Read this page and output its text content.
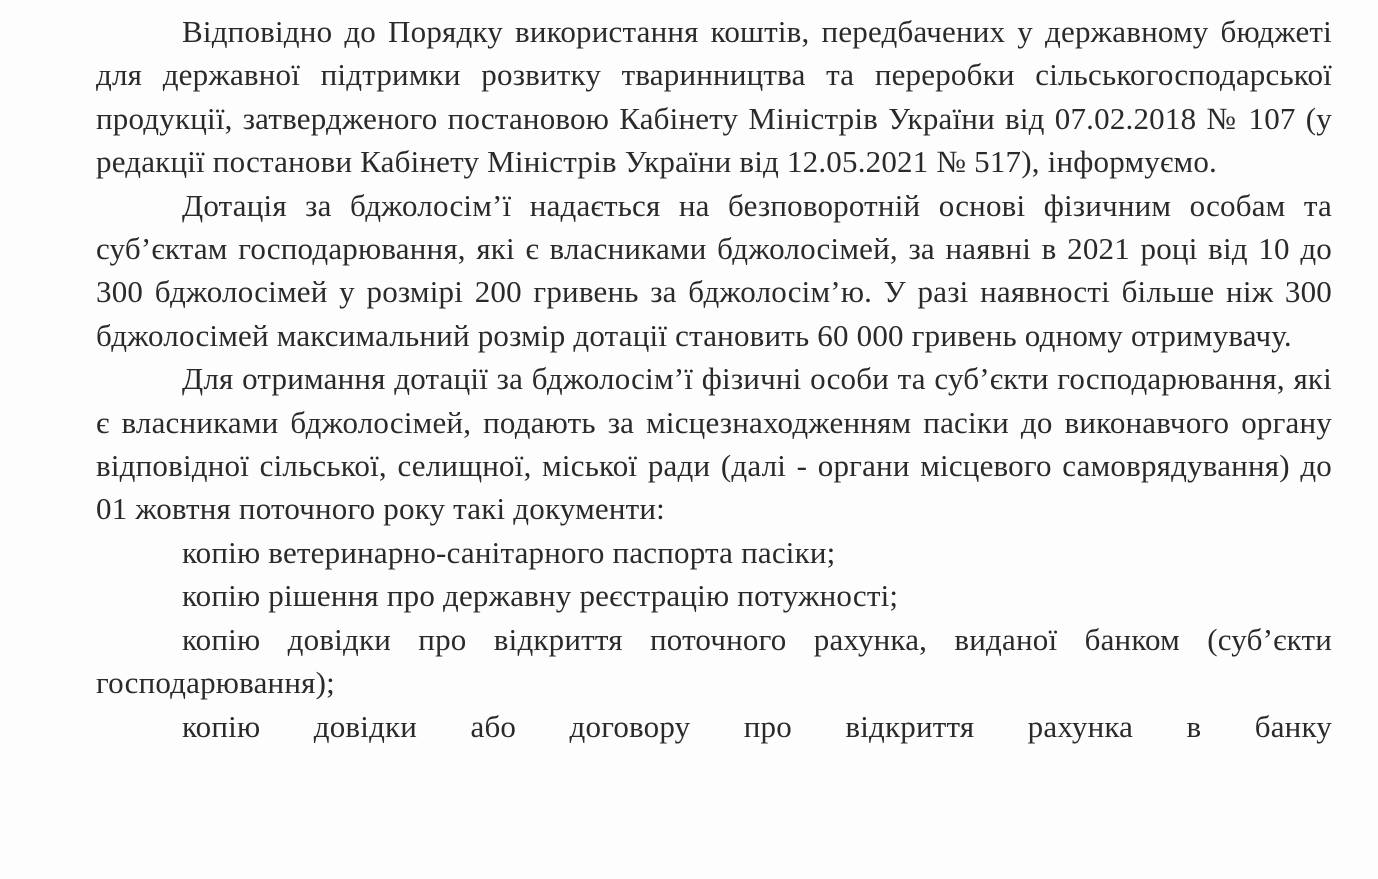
Відповідно до Порядку використання коштів, передбачених у державному бюджеті для державної підтримки розвитку тваринництва та переробки сільськогосподарської продукції, затвердженого постановою Кабінету Міністрів України від 07.02.2018 № 107 (у редакції постанови Кабінету Міністрів України від 12.05.2021 № 517), інформуємо.

Дотація за бджолосім’ї надається на безповоротній основі фізичним особам та суб’єктам господарювання, які є власниками бджолосімей, за наявні в 2021 році від 10 до 300 бджолосімей у розмірі 200 гривень за бджолосім’ю. У разі наявності більше ніж 300 бджолосімей максимальний розмір дотації становить 60 000 гривень одному отримувачу.

Для отримання дотації за бджолосім’ї фізичні особи та суб’єкти господарювання, які є власниками бджолосімей, подають за місцезнаходженням пасіки до виконавчого органу відповідної сільської, селищної, міської ради (далі - органи місцевого самоврядування) до 01 жовтня поточного року такі документи:

копію ветеринарно-санітарного паспорта пасіки;

копію рішення про державну реєстрацію потужності;

копію довідки про відкриття поточного рахунка, виданої банком (суб’єкти господарювання);

копію довідки або договору про відкриття рахунка в банку
